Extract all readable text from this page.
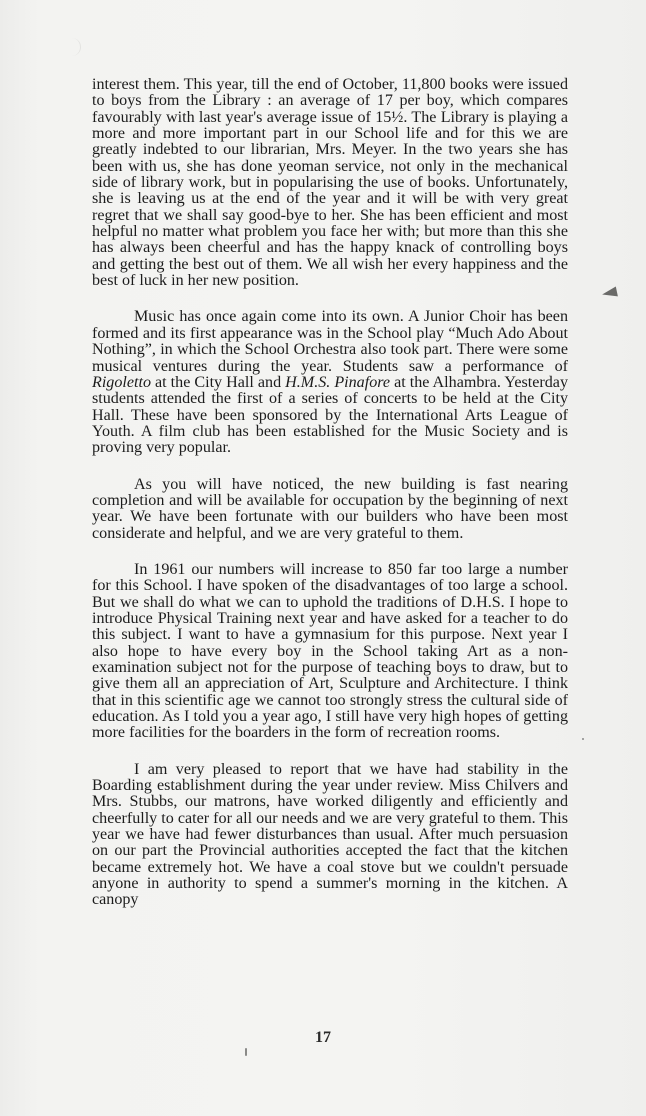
interest them. This year, till the end of October, 11,800 books were issued to boys from the Library : an average of 17 per boy, which compares favourably with last year's average issue of 15½. The Library is playing a more and more important part in our School life and for this we are greatly indebted to our librarian, Mrs. Meyer. In the two years she has been with us, she has done yeoman service, not only in the mechanical side of library work, but in popularising the use of books. Unfortunately, she is leaving us at the end of the year and it will be with very great regret that we shall say good-bye to her. She has been efficient and most helpful no matter what problem you face her with; but more than this she has always been cheerful and has the happy knack of controlling boys and getting the best out of them. We all wish her every happiness and the best of luck in her new position.

Music has once again come into its own. A Junior Choir has been formed and its first appearance was in the School play “Much Ado About Nothing”, in which the School Orchestra also took part. There were some musical ventures during the year. Students saw a performance of Rigoletto at the City Hall and H.M.S. Pinafore at the Alhambra. Yesterday students attended the first of a series of concerts to be held at the City Hall. These have been sponsored by the International Arts League of Youth. A film club has been established for the Music Society and is proving very popular.

As you will have noticed, the new building is fast nearing completion and will be available for occupation by the beginning of next year. We have been fortunate with our builders who have been most considerate and helpful, and we are very grateful to them.

In 1961 our numbers will increase to 850 far too large a number for this School. I have spoken of the disadvantages of too large a school. But we shall do what we can to uphold the traditions of D.H.S. I hope to introduce Physical Training next year and have asked for a teacher to do this subject. I want to have a gymnasium for this purpose. Next year I also hope to have every boy in the School taking Art as a non-examination subject not for the purpose of teaching boys to draw, but to give them all an appreciation of Art, Sculpture and Architecture. I think that in this scientific age we cannot too strongly stress the cultural side of education. As I told you a year ago, I still have very high hopes of getting more facilities for the boarders in the form of recreation rooms.

I am very pleased to report that we have had stability in the Boarding establishment during the year under review. Miss Chilvers and Mrs. Stubbs, our matrons, have worked diligently and efficiently and cheerfully to cater for all our needs and we are very grateful to them. This year we have had fewer disturbances than usual. After much persuasion on our part the Provincial authorities accepted the fact that the kitchen became extremely hot. We have a coal stove but we couldn't persuade anyone in authority to spend a summer's morning in the kitchen. A canopy

17
